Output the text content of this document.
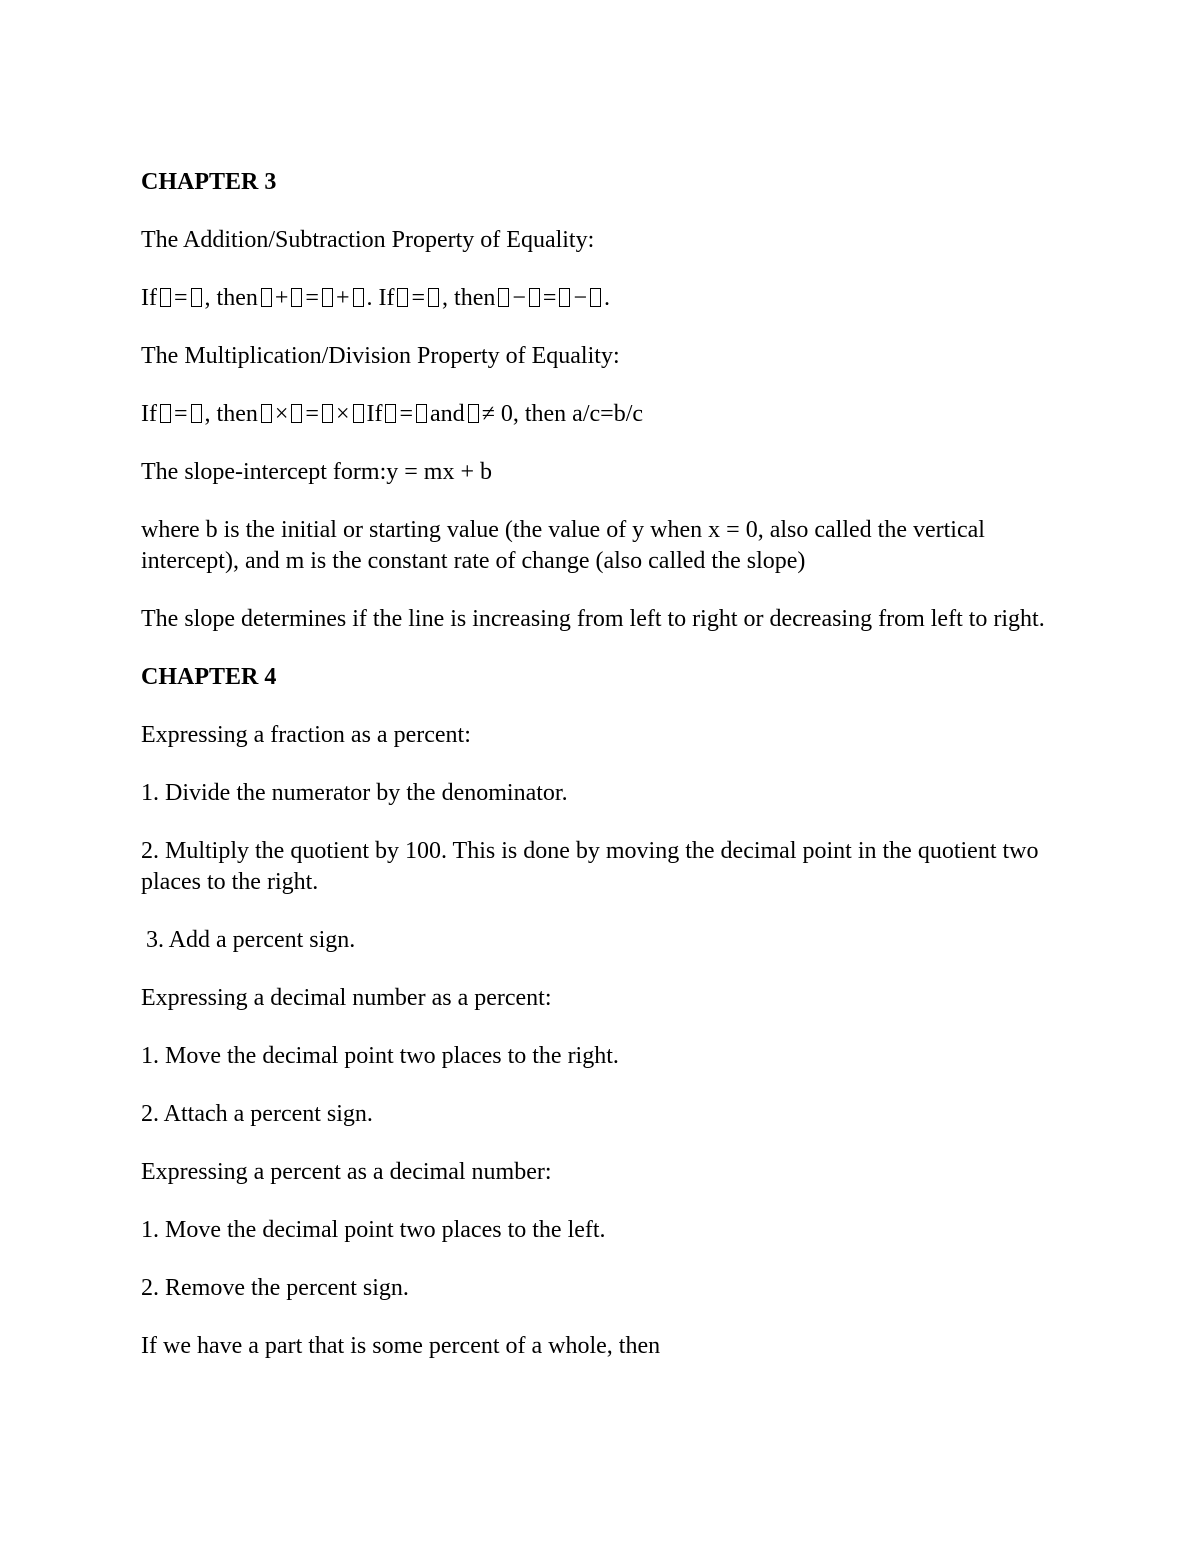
CHAPTER 3

The Addition/Subtraction Property of Equality:

If = , then + = + . If = , then − = − .

The Multiplication/Division Property of Equality:

If = , then × = × If = and ≠ 0, then a/c=b/c

The slope-intercept form:y = mx + b

where b is the initial or starting value (the value of y when x = 0, also called the vertical intercept), and m is the constant rate of change (also called the slope)

The slope determines if the line is increasing from left to right or decreasing from left to right.

CHAPTER 4

Expressing a fraction as a percent:

1. Divide the numerator by the denominator.

2. Multiply the quotient by 100. This is done by moving the decimal point in the quotient two places to the right.

3. Add a percent sign.

Expressing a decimal number as a percent:

1. Move the decimal point two places to the right.

2. Attach a percent sign.

Expressing a percent as a decimal number:

1. Move the decimal point two places to the left.

2. Remove the percent sign.

If we have a part that is some percent of a whole, then
